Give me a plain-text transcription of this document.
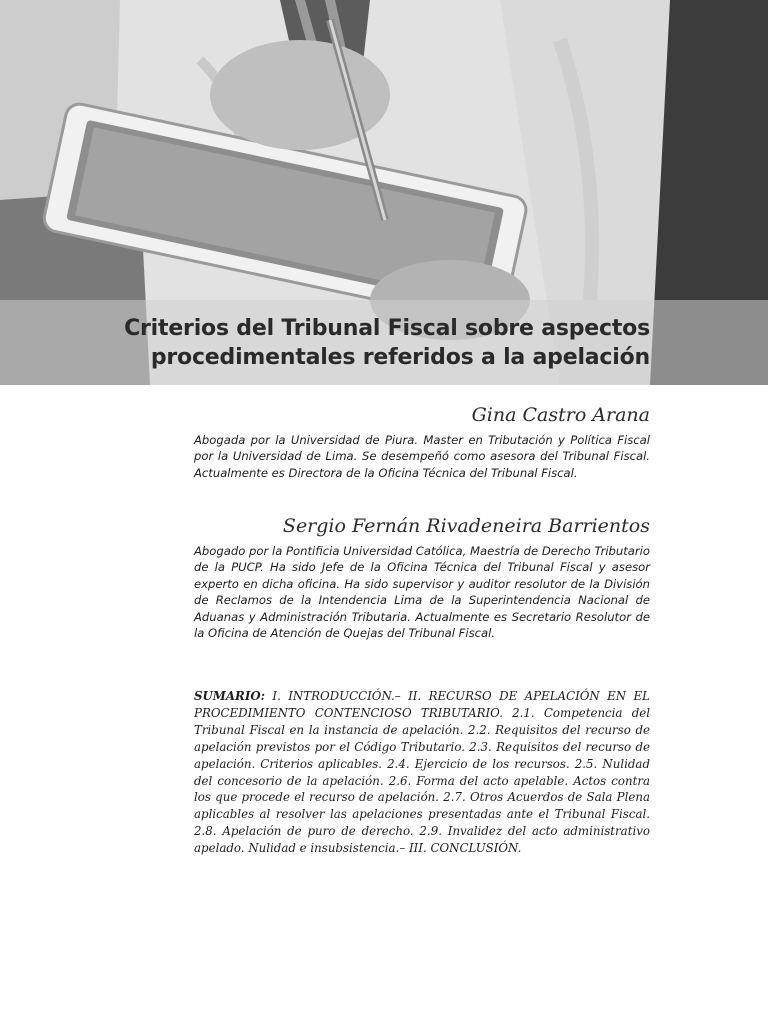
Criterios del Tribunal Fiscal sobre aspectos
procedimentales referidos a la apelación
Gina Castro Arana
Abogada por la Universidad de Piura. Master en Tributación y Política Fiscal por la Universidad de Lima. Se desempeñó como asesora del Tribunal Fiscal. Actualmente es Directora de la Oficina Técnica del Tribunal Fiscal.
Sergio Fernán Rivadeneira Barrientos
Abogado por la Pontificia Universidad Católica, Maestría de Derecho Tributario de la PUCP. Ha sido Jefe de la Oficina Técnica del Tribunal Fiscal y asesor experto en dicha oficina. Ha sido supervisor y auditor resolutor de la División de Reclamos de la Intendencia Lima de la Superintendencia Nacional de Aduanas y Administración Tributaria. Actualmente es Secretario Resolutor de la Oficina de Atención de Quejas del Tribunal Fiscal.
SUMARIO: I. INTRODUCCIÓN.– II. RECURSO DE APELACIÓN EN EL PROCEDIMIENTO CONTENCIOSO TRIBUTARIO. 2.1. Competencia del Tribunal Fiscal en la instancia de apelación. 2.2. Requisitos del recurso de apelación previstos por el Código Tributario. 2.3. Requisitos del recurso de apelación. Criterios aplicables. 2.4. Ejercicio de los recursos. 2.5. Nulidad del concesorio de la apelación. 2.6. Forma del acto apelable. Actos contra los que procede el recurso de apelación. 2.7. Otros Acuerdos de Sala Plena aplicables al resolver las apelaciones presentadas ante el Tribunal Fiscal. 2.8. Apelación de puro de derecho. 2.9. Invalidez del acto administrativo apelado. Nulidad e insubsistencia.– III. CONCLUSIÓN.
